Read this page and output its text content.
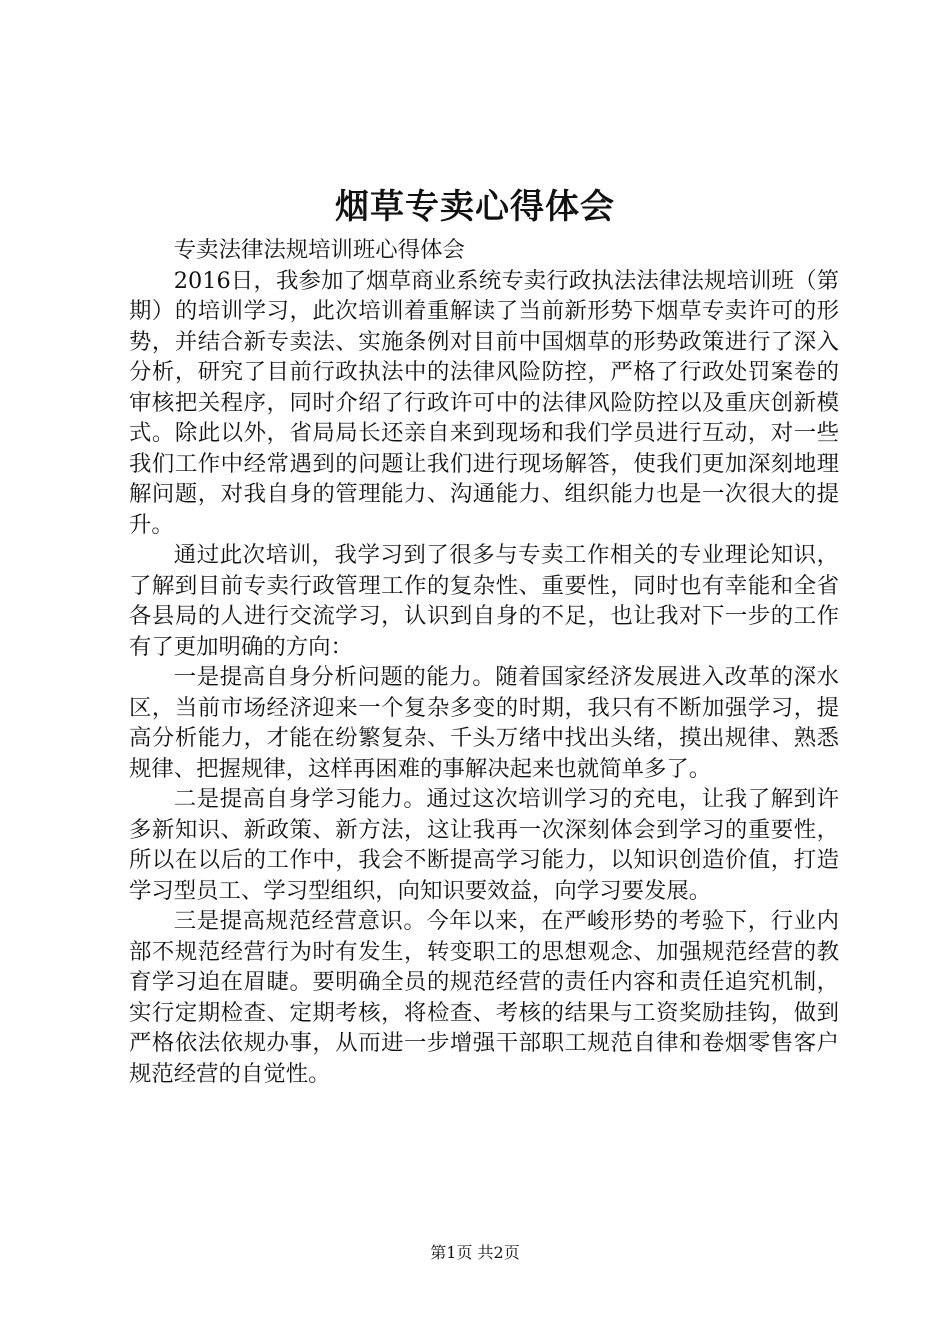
烟草专卖心得体会

专卖法律法规培训班心得体会

2016日，我参加了烟草商业系统专卖行政执法法律法规培训班（第期）的培训学习，此次培训着重解读了当前新形势下烟草专卖许可的形势，并结合新专卖法、实施条例对目前中国烟草的形势政策进行了深入分析，研究了目前行政执法中的法律风险防控，严格了行政处罚案卷的审核把关程序，同时介绍了行政许可中的法律风险防控以及重庆创新模式。除此以外，省局局长还亲自来到现场和我们学员进行互动，对一些我们工作中经常遇到的问题让我们进行现场解答，使我们更加深刻地理解问题，对我自身的管理能力、沟通能力、组织能力也是一次很大的提升。

通过此次培训，我学习到了很多与专卖工作相关的专业理论知识，了解到目前专卖行政管理工作的复杂性、重要性，同时也有幸能和全省各县局的人进行交流学习，认识到自身的不足，也让我对下一步的工作有了更加明确的方向：

一是提高自身分析问题的能力。随着国家经济发展进入改革的深水区，当前市场经济迎来一个复杂多变的时期，我只有不断加强学习，提高分析能力，才能在纷繁复杂、千头万绪中找出头绪，摸出规律、熟悉规律、把握规律，这样再困难的事解决起来也就简单多了。

二是提高自身学习能力。通过这次培训学习的充电，让我了解到许多新知识、新政策、新方法，这让我再一次深刻体会到学习的重要性，所以在以后的工作中，我会不断提高学习能力，以知识创造价值，打造学习型员工、学习型组织，向知识要效益，向学习要发展。

三是提高规范经营意识。今年以来，在严峻形势的考验下，行业内部不规范经营行为时有发生，转变职工的思想观念、加强规范经营的教育学习迫在眉睫。要明确全员的规范经营的责任内容和责任追究机制，实行定期检查、定期考核，将检查、考核的结果与工资奖励挂钩，做到严格依法依规办事，从而进一步增强干部职工规范自律和卷烟零售客户规范经营的自觉性。

第1页 共2页
